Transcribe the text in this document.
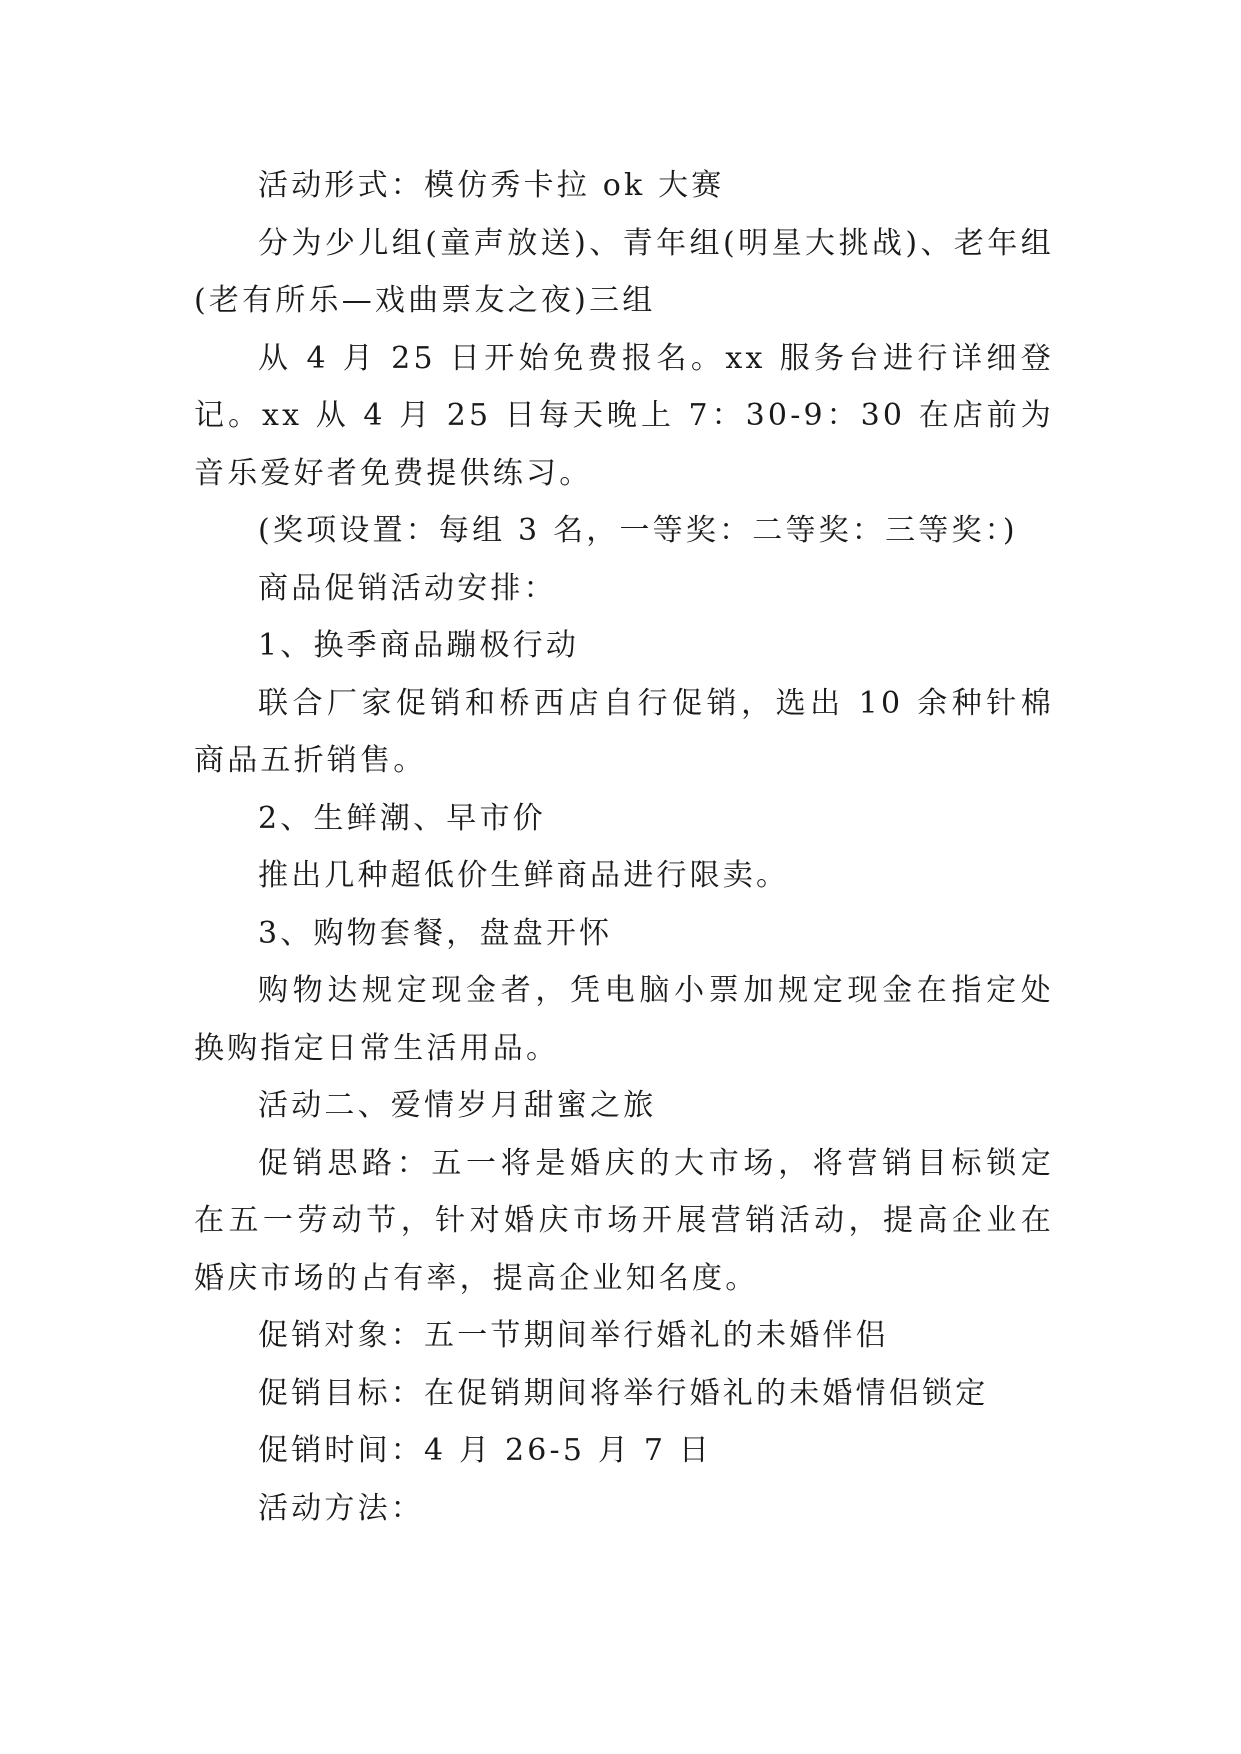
活动形式：模仿秀卡拉 ok 大赛

分为少儿组(童声放送)、青年组(明星大挑战)、老年组(老有所乐—戏曲票友之夜)三组

从 4 月 25 日开始免费报名。xx 服务台进行详细登记。xx 从 4 月 25 日每天晚上 7：30-9：30 在店前为音乐爱好者免费提供练习。

(奖项设置：每组 3 名，一等奖：二等奖：三等奖：)

商品促销活动安排：

1、换季商品蹦极行动

联合厂家促销和桥西店自行促销，选出 10 余种针棉商品五折销售。

2、生鲜潮、早市价

推出几种超低价生鲜商品进行限卖。

3、购物套餐，盘盘开怀

购物达规定现金者，凭电脑小票加规定现金在指定处换购指定日常生活用品。

活动二、爱情岁月甜蜜之旅

促销思路：五一将是婚庆的大市场，将营销目标锁定在五一劳动节，针对婚庆市场开展营销活动，提高企业在婚庆市场的占有率，提高企业知名度。

促销对象：五一节期间举行婚礼的未婚伴侣

促销目标：在促销期间将举行婚礼的未婚情侣锁定

促销时间：4 月 26-5 月 7 日

活动方法：
